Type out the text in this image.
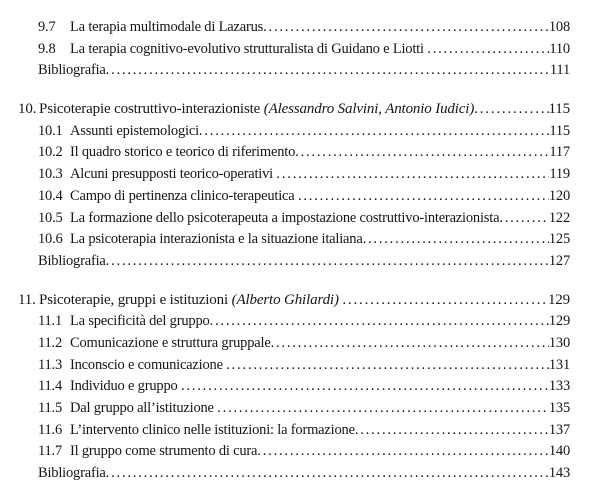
9.7 La terapia multimodale di Lazarus .....	108
9.8 La terapia cognitivo-evolutivo strutturalista di Guidano e Liotti .....	110
Bibliografia .....	111
10. Psicoterapie costruttivo-interazioniste (Alessandro Salvini, Antonio Iudici) .....	115
10.1 Assunti epistemologici .....	115
10.2 Il quadro storico e teorico di riferimento .....	117
10.3 Alcuni presupposti teorico-operativi .....	119
10.4 Campo di pertinenza clinico-terapeutica .....	120
10.5 La formazione dello psicoterapeuta a impostazione costruttivo-interazionista .....	122
10.6 La psicoterapia interazionista e la situazione italiana .....	125
Bibliografia .....	127
11. Psicoterapie, gruppi e istituzioni (Alberto Ghilardi) .....	129
11.1 La specificità del gruppo .....	129
11.2 Comunicazione e struttura gruppale .....	130
11.3 Inconscio e comunicazione .....	131
11.4 Individuo e gruppo .....	133
11.5 Dal gruppo all’istituzione .....	135
11.6 L’intervento clinico nelle istituzioni: la formazione .....	137
11.7 Il gruppo come strumento di cura .....	140
Bibliografia .....	143
